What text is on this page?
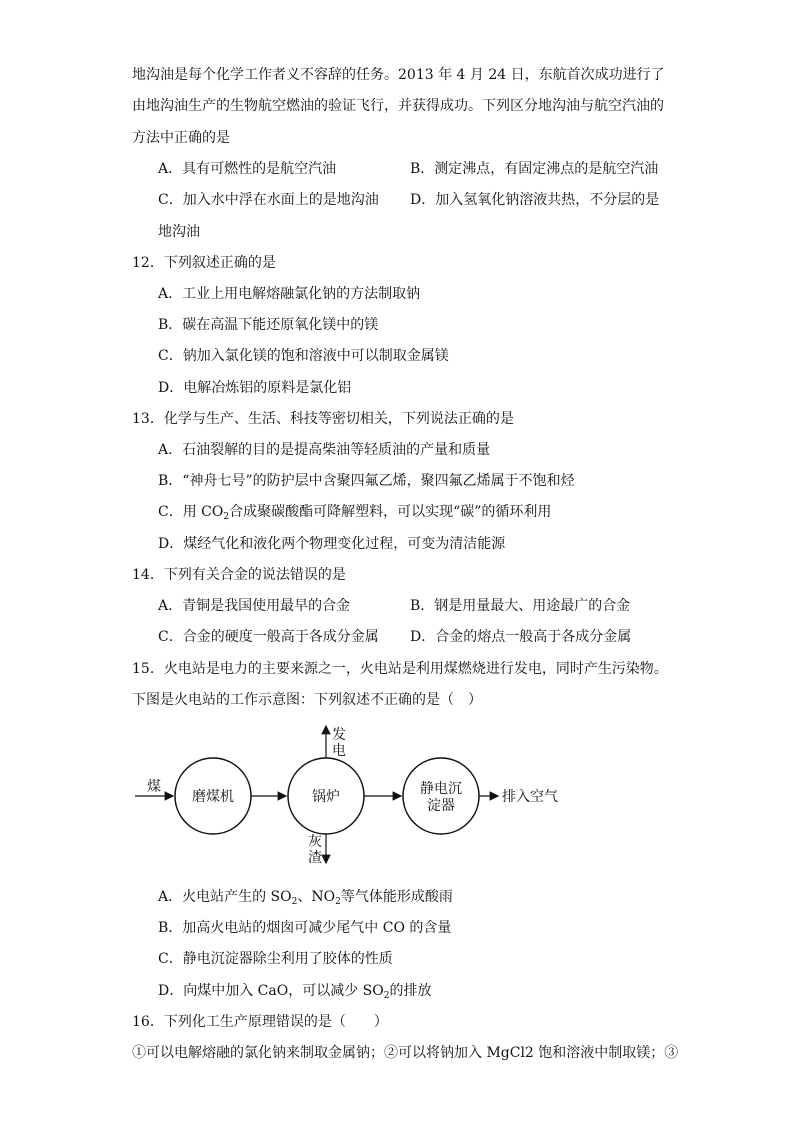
地沟油是每个化学工作者义不容辞的任务。2013 年 4 月 24 日，东航首次成功进行了
由地沟油生产的生物航空燃油的验证飞行，并获得成功。下列区分地沟油与航空汽油的
方法中正确的是
A．具有可燃性的是航空汽油	B．测定沸点，有固定沸点的是航空汽油
C．加入水中浮在水面上的是地沟油 D．加入氢氧化钠溶液共热，不分层的是
地沟油
12．下列叙述正确的是
A．工业上用电解熔融氯化钠的方法制取钠
B．碳在高温下能还原氧化镁中的镁
C．钠加入氯化镁的饱和溶液中可以制取金属镁
D．电解冶炼铝的原料是氯化铝
13．化学与生产、生活、科技等密切相关，下列说法正确的是
A．石油裂解的目的是提高柴油等轻质油的产量和质量
B．“神舟七号”的防护层中含聚四氟乙烯，聚四氟乙烯属于不饱和烃
C．用 $CO_2$合成聚碳酸酯可降解塑料，可以实现“碳”的循环利用
D．煤经气化和液化两个物理变化过程，可变为清洁能源
14．下列有关合金的说法错误的是
A．青铜是我国使用最早的合金	B．钢是用量最大、用途最广的合金
C．合金的硬度一般高于各成分金属 D．合金的熔点一般高于各成分金属
15．火电站是电力的主要来源之一，火电站是利用煤燃烧进行发电，同时产生污染物。
下图是火电站的工作示意图：下列叙述不正确的是（　）
煤
磨煤机	锅炉
发
电
灰
渣
静电沉
淀器
排入空气
A．火电站产生的 $SO_2$、$NO_2$等气体能形成酸雨
B．加高火电站的烟囱可减少尾气中 CO 的含量
C．静电沉淀器除尘利用了胶体的性质
D．向煤中加入 CaO，可以减少 $SO_2$的排放
16．下列化工生产原理错误的是（　　）
①可以电解熔融的氯化钠来制取金属钠；②可以将钠加入 MgCl2 饱和溶液中制取镁；③
